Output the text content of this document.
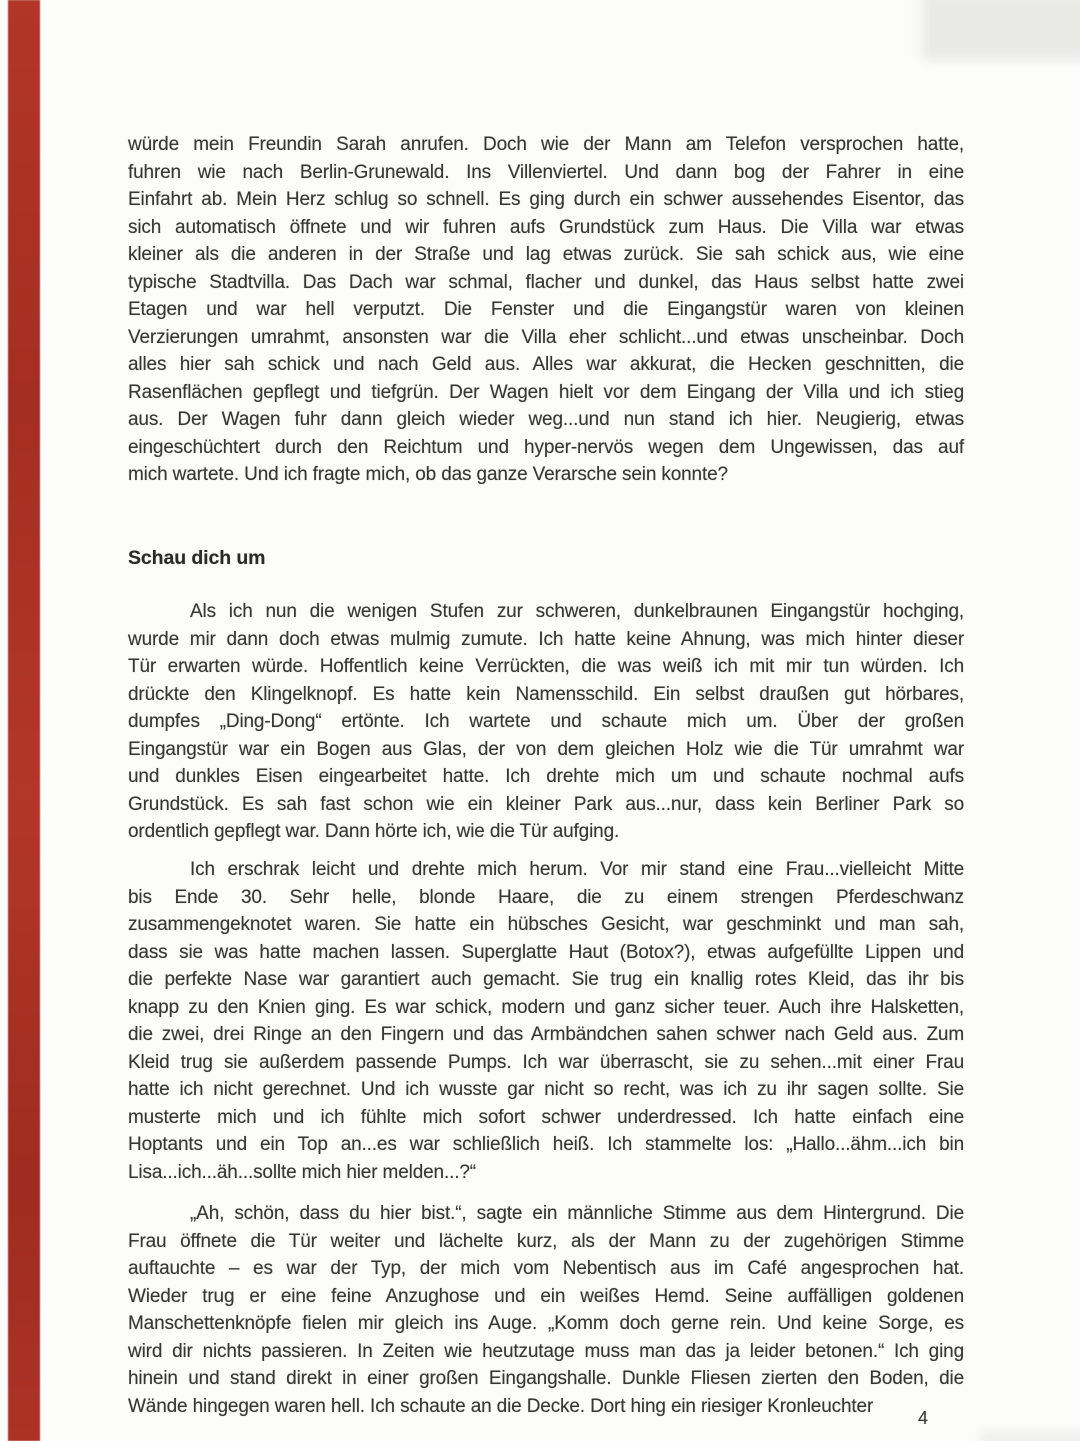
würde mein Freundin Sarah anrufen. Doch wie der Mann am Telefon versprochen hatte,
fuhren wie nach Berlin-Grunewald. Ins Villenviertel. Und dann bog der Fahrer in eine
Einfahrt ab. Mein Herz schlug so schnell. Es ging durch ein schwer aussehendes Eisentor, das
sich automatisch öffnete und wir fuhren aufs Grundstück zum Haus. Die Villa war etwas
kleiner als die anderen in der Straße und lag etwas zurück. Sie sah schick aus, wie eine
typische Stadtvilla. Das Dach war schmal, flacher und dunkel, das Haus selbst hatte zwei
Etagen und war hell verputzt. Die Fenster und die Eingangstür waren von kleinen
Verzierungen umrahmt, ansonsten war die Villa eher schlicht...und etwas unscheinbar. Doch
alles hier sah schick und nach Geld aus. Alles war akkurat, die Hecken geschnitten, die
Rasenflächen gepflegt und tiefgrün. Der Wagen hielt vor dem Eingang der Villa und ich stieg
aus. Der Wagen fuhr dann gleich wieder weg...und nun stand ich hier. Neugierig, etwas
eingeschüchtert durch den Reichtum und hyper-nervös wegen dem Ungewissen, das auf
mich wartete. Und ich fragte mich, ob das ganze Verarsche sein konnte?
Schau dich um
Als ich nun die wenigen Stufen zur schweren, dunkelbraunen Eingangstür hochging,
wurde mir dann doch etwas mulmig zumute. Ich hatte keine Ahnung, was mich hinter dieser
Tür erwarten würde. Hoffentlich keine Verrückten, die was weiß ich mit mir tun würden. Ich
drückte den Klingelknopf. Es hatte kein Namensschild. Ein selbst draußen gut hörbares,
dumpfes „Ding-Dong“ ertönte. Ich wartete und schaute mich um. Über der großen
Eingangstür war ein Bogen aus Glas, der von dem gleichen Holz wie die Tür umrahmt war
und dunkles Eisen eingearbeitet hatte. Ich drehte mich um und schaute nochmal aufs
Grundstück. Es sah fast schon wie ein kleiner Park aus...nur, dass kein Berliner Park so
ordentlich gepflegt war. Dann hörte ich, wie die Tür aufging.
Ich erschrak leicht und drehte mich herum. Vor mir stand eine Frau...vielleicht Mitte
bis Ende 30. Sehr helle, blonde Haare, die zu einem strengen Pferdeschwanz
zusammengeknotet waren. Sie hatte ein hübsches Gesicht, war geschminkt und man sah,
dass sie was hatte machen lassen. Superglatte Haut (Botox?), etwas aufgefüllte Lippen und
die perfekte Nase war garantiert auch gemacht. Sie trug ein knallig rotes Kleid, das ihr bis
knapp zu den Knien ging. Es war schick, modern und ganz sicher teuer. Auch ihre Halsketten,
die zwei, drei Ringe an den Fingern und das Armbändchen sahen schwer nach Geld aus. Zum
Kleid trug sie außerdem passende Pumps. Ich war überrascht, sie zu sehen...mit einer Frau
hatte ich nicht gerechnet. Und ich wusste gar nicht so recht, was ich zu ihr sagen sollte. Sie
musterte mich und ich fühlte mich sofort schwer underdressed. Ich hatte einfach eine
Hoptants und ein Top an...es war schließlich heiß. Ich stammelte los: „Hallo...ähm...ich bin
Lisa...ich...äh...sollte mich hier melden...?“
„Ah, schön, dass du hier bist.“, sagte ein männliche Stimme aus dem Hintergrund. Die
Frau öffnete die Tür weiter und lächelte kurz, als der Mann zu der zugehörigen Stimme
auftauchte – es war der Typ, der mich vom Nebentisch aus im Café angesprochen hat.
Wieder trug er eine feine Anzughose und ein weißes Hemd. Seine auffälligen goldenen
Manschettenknöpfe fielen mir gleich ins Auge. „Komm doch gerne rein. Und keine Sorge, es
wird dir nichts passieren. In Zeiten wie heutzutage muss man das ja leider betonen.“ Ich ging
hinein und stand direkt in einer großen Eingangshalle. Dunkle Fliesen zierten den Boden, die
Wände hingegen waren hell. Ich schaute an die Decke. Dort hing ein riesiger Kronleuchter
4
